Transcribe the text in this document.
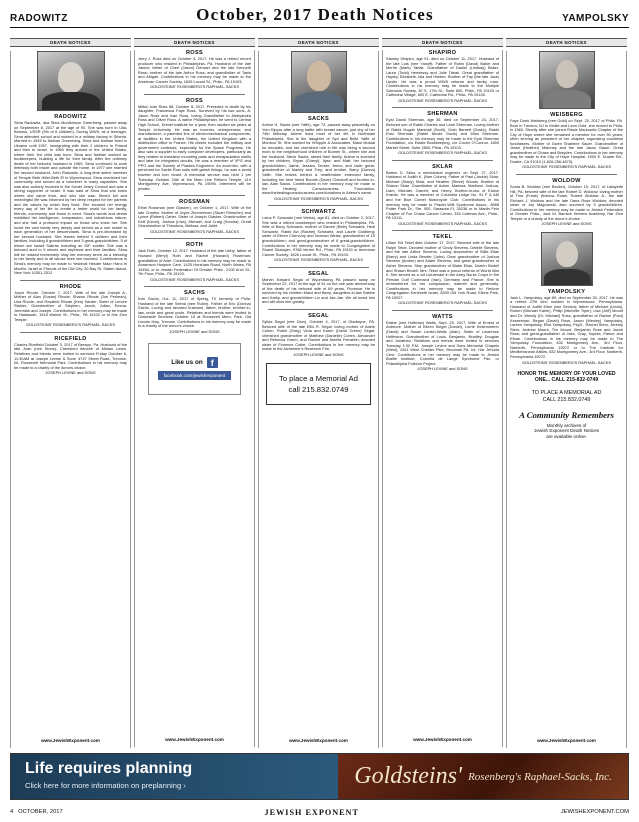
RADOWITZ	October, 2017 Death Notices	YAMPOLSKY
DEATH NOTICES
RADOWITZ
Sima Radowitz, aka Sima Mordkinson Greenberg, passed away on September 8, 2017 at the age of 90. She was born in Ulla, Belorus, USSR (9th of 6 children). During WWII, as a teenager, Sima attended school and worked in a military factory in Siberia. Married in 1945 to Nathan Greenberg, Sima and Nathan lived in Ukraine until 1957, immigrating with their 2 children to Poland and then to Israel. In 1960 they arrived in the United States, where their 3rd child was born. Sima and Nathan worked as bookkeepers, building a life for their family. After the untimely death of her beloved husband in 1969, Sima continued to work tirelessly both inside and outside the home. In 1977 she married her second husband, John Radowitz. A long-time active member of Temple Beth Hillel-Beth El in Wynnewood, Sima cherished her community and served as a volunteer in many capacities. She was also actively involved in the Soviet Jewry Council and was a strong supporter of Israel. It was said of Sima that she knew where she came from, and who she was. Sima's full and meaningful life was informed by her deep respect for her parents and the values by which they lived. She focused her energy every day of her life to create a better world for her family, friends, community and those in need. Sima's words and deeds exhibited her intelligence, compassion, and industrious nature, and she had a profound impact on those who knew her. She loved her own family very deeply and served as a role model to each generation of her descendants. Sima is pre-deceased by her second husband. She leaves behind 3 children and their families, including 8 grandchildren and 3 great-grandchildren, 5 of whom are Israeli Sabras including an IDF soldier. She was a beloved aunt to 9 nieces and nephews and their families. Sima will be missed immensely. May her memory serve as a blessing to her family and to all whose lives she touched. Contributions in Sima's memory may be made to Yeshivat Hesder Maor Haroi in Modi'in, Israel or Friends of the Old City. 30 Bay St. Staten Island, New York 10301-2512
RHODE
Joyce Rhode, October 7, 2017. Wife of the late Joseph A.; Mother of Alan (Susan) Rhode, Sharon Rhode (Jon Perlman), Lisa Rhode, and Rosalind Rhode (Ken) Harder; Sister of Lenore Stahler; Grandmother of Stephen, Jacob, Julian, Emma, Jeremiah and Joseph. Contributions in her memory may be made to Hadassah, 1518 Walnut St., Phila., PA 19102 or to Har Zion Temple.
GOLDSTEINS' ROSENBERG'S RAPHAEL-SACKS
RICEFIELD
Charles Ricefield October 3, 2017 of Berwyn, Pa. Husband of the late Joan (nee Stone). Cherished fiancée of Miriam Lewis. Relatives and friends were invited to services Friday October 6, 11:30AM at Joseph Levine & Sons' 4737 Street Road, Trevose, Int. Roosevelt Memorial Park. Contributions in his memory may be made to a charity of the donors choice.
JOSEPH LEVINE and SONS
www.JewishExponent.com
DEATH NOTICES
ROSS
Jerry J. Ross died on October 4, 2017. He was a retired record producer who resided in Philadelphia, PA. Husband of the late Janice; father of Cheri (Jason) Derwart and the late Kenneth Ross; brother of the late Arthur Ross; and grandfather of Tanis and Abigail. Contributions in his memory may be made to the American Cancer Society, 1626 Locust St., Phila., PA 19103.
GOLDSTEINS' ROSENBERG'S RAPHAEL-SACKS
ROSS
Milton Ivan Ross 88, October 8, 2017. Preceded in death by his daughter, Francesca Faye Ross. Survived by his two sons, A. Jason Ross and Ivan Ross, loving Grandfather to Aleksandra Ross and Oliver Ross. A native Philadelphian, he went to Central High School, Drexel Institute for a year, then studied six years at Temple University. He was an inventor, entrepreneur, and manufacturer; a patented line of electromechanical components, at facilities in the United States, the United Kingdom with a distribution office in France. His clients included the military and government contracts, especially for the Space Programs. He also was a supplier to early computer developers, particularly as they related to transistor mounting pads and encapsulation shells and later for integrated circuits. He was a member of VPG and PPO and the Society of Plastics Engineers. An eccentric, with a penchant for Savile Row suits with garish linings, he was a world traveler and bon vivant. A memorial service was held 1 pm Tuesday, October 24th at the Main Line Reform Temple, 410 Montgomery Ave, Wynnewood, PA 19096. Interment will be private.
ROSSMAN
Ethel Rossman (nee Glasker), on October 1, 2017. Wife of the late Charles. Mother of Joyce Zimmerman (Stuart Fleischer) and Lynne (Robert) Carter. Sister of Joseph Glasker. Grandmother of Kelli (Kevin), Joshua (Lisa), Michael, and Craig (Sondra). Great Grandmother of Theodora, Melissa, and Juliet.
GOLDSTEINS' ROSENBERG'S RAPHAEL-SACKS
ROTH
Jack Roth, October 12, 2017. Husband of the late Libby; father of Howard (Meryl) Roth and Rachel (Howard) Roseman; grandfather of Ariel. Contributions in his memory may be made to Abramson Hospice Care, 1425 Horsham Road, North Wales, PA 19454, or to Jewish Federation Of Greater Phila., 2100 Arch St., 7th Floor, Phila., PA 19103.
GOLDSTEINS' ROSENBERG'S RAPHAEL-SACKS
SACHS
Irvin Sachs, Oct. 11, 2017 of Spring, TX formerly of Phila. Husband of the late Selma (nee Rubin). Father of Eric (Donna) Sachs. Loving and devoted husband, father, brother, brother-in-law, uncle and great uncle. Relatives and friends were invited to Graveside Services October 15 at Roosevelt Mem. Park, Old Lincoln Hwy, Trevose. Contributions in his memory may be made to a charity of the donor's choice.
JOSEPH LEVINE and SONS
Like us on f
facebook.com/jewishexponent
www.JewishExponent.com
DEATH NOTICES
SACKS
Arlene H. Sacks (nee Yaffe), age 73, passed away peacefully on Yom Kippur after a long battle with breast cancer, just shy of her 74th birthday. Arlene lived most of her life in Northeast Philadelphia. She is the daughter of Syd and Belle Yaffe of Montour St. She worked for Whipple & Associates, Mass Mutual for decades, and her cherished role in life was being a second mom to the neighborhood children of Bonner St., where she and her husband, Steve Sacks, raised their family. Arlene is survived by her children, Bryan (Cheryl), Ilyse, and Matt; her beloved grandchildren, Jaime, Jessica, Tanner, Jerico, and Jade; great-grandmother of Marley and Trey; and brother, Barry (Donna) Yaffe. She leaves behind a heartbroken extended family, including her best friend Bonnie (Dave) Checkoff and brother-in-law, Alan Sacks. Contributions in her memory may be made to the Healing Consciousness Foundation, www.thehealingconsciousness.com/donations in Arlene's name.
GOLDSTEINS' ROSENBERG'S RAPHAEL-SACKS
SCHWARTZ
Lotus P. Schwartz (nee Weiss), age 81, died on October 2, 2017. She was a retired bookkeeper who resided in Philadelphia, PA. Wife of Barry Schwartz; mother of Steven (Beth) Schwartz, Hedi Schwartz, Rabbi Avi (Rachel) Schwartz, and Laurie Goldberg; sister of Eileen Chervony and Norman Weiss; grandmother of 15 grandchildren; and great-grandmother of 6 great-grandchildren. Contributions in her memory may be made to Congregation of Sharei Shalayim, 9768 Verree Rd., Phila., PA 19115 or American Cancer Society, 1626 Locust St., Phila., PA 19103.
GOLDSTEINS' ROSENBERG'S RAPHAEL-SACKS
SEGAL
Marvin Edward Segal of Wyomissing PA passed away on September 22, 2017 at the age of 91 on the one year anniversary of the death of his beloved wife of 69 years, Florence. He is survived by his children Marci and Barry, daughters-in-law Sabine and Kathy, and grandchildren Liz and Jae-Jae. We all loved him and will miss him greatly.
SEGAL
Sylvia Segal (nee Dion), October 4, 2017, of Gladwyne, PA. Beloved wife of the late Ellis R. Segal; loving mother of Adele Cohen, Robin (Greg) Viola and Karen (David Green) Segal; cherished grandmother of Matthew (Danielle) Cohen, Alexander and Rebecca Green, and Rachel and Amelia Feinstein; devoted sister of Florence Cotler. Contributions in her memory may be made to the Alzheimer's Research Fdn.
JOSEPH LEVINE and SONS
To place a Memorial Ad
call 215.832.0749
www.JewishExponent.com
DEATH NOTICES
SHAPIRO
Stanley Shapiro, age 91, died on October 11, 2017. Husband of the late Lois (nee Yanoff). Father of Robin (David) Baker and Merrie (Mark) Tabak. Grandfather of Daniel (Lindsay) Baker, Laura (Todd) Hennessy and Julie Tabak. Great grandfather of Hayley, Elizabeth, Isla and Holden. Brother of Fay (the late Jack) Lipsitz. He was a proud WWII veteran and family man. Contributions in his memory may be made to the Multiple Sclerosis Society, 30 S. 17th St., Suite 800, Phila., PA 19103 or Cathedral Village, 600 E. Cathedral Rd., Phila., PA 19128.
GOLDSTEINS' ROSENBERG'S RAPHAEL-SACKS
SHERMAN
Eyal David Sherman, age 36, died on September 24, 2017. Beloved son of Rabbi Charles and Leah Sherman. Loving brother of Rabbi Nogah Marshall (Scott), Orah Barnett (David), Rabbi Erez Sherman (Rabbi Nicole Guzik) and Mica Sherman. Contributions in his memory may be made to the Eyal Sherman Foundation, c/o Estate Bookkeeping, c/o Coonn O'Connor, 1650 Market Street, Suite 2800, Phila., PA 19103.
GOLDSTEINS' ROSENBERG'S RAPHAEL-SACKS
SKLAR
Barton D. Sklar, a mechanical engineer, on Sept. 27, 2017. Husband of Judith K. (Nee Cohen); Father of Paul (Jackie) Sklar, Michael (Stacy) Sklar, and Heather (Steve) Woods. Brother of Sharon Sklar. Grandfather of Adam, Marissa, Matthew, Joshua, Liam, Michael, Garrett, and Henry. Brother-in-law of Elaine Kravitz. He was a member of Columbia Lodge No. 91 F & AM and the Blue Comet Motorcycle Club. Contributions in his memory may be made to Prader-Willi Syndrome Assoc., 8588 Potter Park Dr., Ste. 500, Sarasota FL 34238 or to Martin Fein Chapter of Fox Chase Cancer Center, 333 Cottman Ave., Phila., PA 19111.
GOLDSTEINS' ROSENBERG'S RAPHAEL-SACKS
TEKEL
Lillian Toll Tekel died October 17, 2017. Beloved wife of the late Ralph Tekel. Devoted mother of Cindy Stevens, Debbie Stevens, and the late Arthur Stevens. Loving stepmother of Billie Elias (Barry) and Linda Bender (John). Dear grandmother of Joshua Stevens (Amber) and Adam Stevens, and great grandmother of Asher Stevens. Step grandmother of Blake Elias, Darren Bedell and Shawn Bedell. Mrs. Tekel was a proud veteran of World War II. She served as a 1st Lieutenant in the Army Nurse Corps in the Persian Gulf Command (Iran), Germany and France. She is remembered for her compassion, warmth and generosity. Contributions in her memory may be made to Reform Congregation Keneseth Israel, 8339 Old York Road, Elkins Park, PA 19027.
GOLDSTEINS' ROSENBERG'S RAPHAEL-SACKS
WATTS
Elaine (nee Hoffman) Watts, Sept. 25, 2017. Wife of Ernest of Ardmore. Mother of Eileen Siegel (Daniel), Lorrie Kesemmerer (David) and Susan Lankin-Watts (Alan). Sister of Lawrence Hoffmann. Grandmother of Louis, Benjamin, Bradley, Douglas and Jonathan. Relatives and friends were invited to services Tuesday 1:30 P.M. Joseph Levine and Sons Memorial Chapels (West), 2811 West Chester Pike, Broomall PA. Int. Har Jehuda Cem. Contributions in her memory may be made to Jewish Braille Institute, Cornelia de Lange Syndrome Fdn. or Philadelphia Folklore Project.
JOSEPH LEVINE and SONS
www.JewishExponent.com
DEATH NOTICES
WEISBERG
Faye Doris Weisberg (nee Gold) on Sept. 25, 2017 of Phila. PA. Born in Trenton, NJ to Mollie and Leon Gold, she moved to Phila. in 1960. Shortly after she joined Rissie Markowitz Chapter of the City of Hope where she remained a member for over 50 years; often serving as president of her chapter, organizing countless fundraisers. Mother of Gwen Sharlene Sauer. Grandmother of Jesse (Heather) Maloney and the late Jason Gauer. Great grandmother of Chase and Brayden. Contributions in her memory may be made to the City of Hope Hospital, 1500 E. Duarte Rd., Duarte, CA 91010 (1-626-256-4673).
GOLDSTEINS' ROSENBERG'S RAPHAEL-SACKS
WOLDOW
Sonia B. Woldow (nee Becker), October 19, 2017, of Lafayette Hill, PA; beloved wife of the late Robert D. Woldow; loving mother of Tina (Frank) Woldow Rulan, Robert Woldow Jr., the late Richard J. Woldow and the late Dana Rose Woldow; devoted sister of Joy Magrowski; also survived by 3 grandchildren. Contributions in her memory may be made to Jewish Federation of Greater Phila., Jack M. Barrack Hebrew Academy, Har Zion Temple or a charity of the donor's choice.
JOSEPH LEVINE and SONS
YAMPOLSKY
Jack L. Yampolsky, age 89, died on September 30, 2017. He was a retired CPA who resided in Wynnewood, Pennsylvania. Husband of Judith Ellen (nee Sexton); father of Michael (Linda), Robert (Michael Kahle), Philip (Michelle Tiper), Lisa (Jeff) Mount and Dr. Wendy (Dr. Michael) Ross; grandfather of Rachel (Paul) Kesselman, Regan (David) Ross, Jason (Wesley) Yampolsky, Lauren Yampolsky, Eliot Yampolsky, PsyD., Rachel Stern, Jeremy Stern, Andrew Mount, Tim Mount, Benjamin Ross and Jacob Ross; and great-grandfather of Jake, Gray, Sophia, Parker and Ethan. Contributions in his memory may be made to The Yampolsky Foundation, 632 Montgomery Ave., 3rd Floor, Narberth, Pennsylvania 19072 or to The Institute for Mediterranean Affairs, 632 Montgomery Ave., 3rd Floor, Narberth, Pennsylvania 19072.
GOLDSTEINS' ROSENBERG'S RAPHAEL-SACKS
HONOR THE MEMORY OF YOUR LOVED ONE... CALL 215-832-0749
TO PLACE A MEMORIAL AD
CALL 215.832.0749
A Community Remembers
Monthly archives of
Jewish Exponent Death Notices
are available online.
www.JewishExponent.com
Life requires planning
Click here for more information on preplanning ›	Goldsteins' Rosenberg's Raphael-Sacks, Inc.
4 OCTOBER, 2017	JEWISH EXPONENT	JEWISHEXPONENT.COM
